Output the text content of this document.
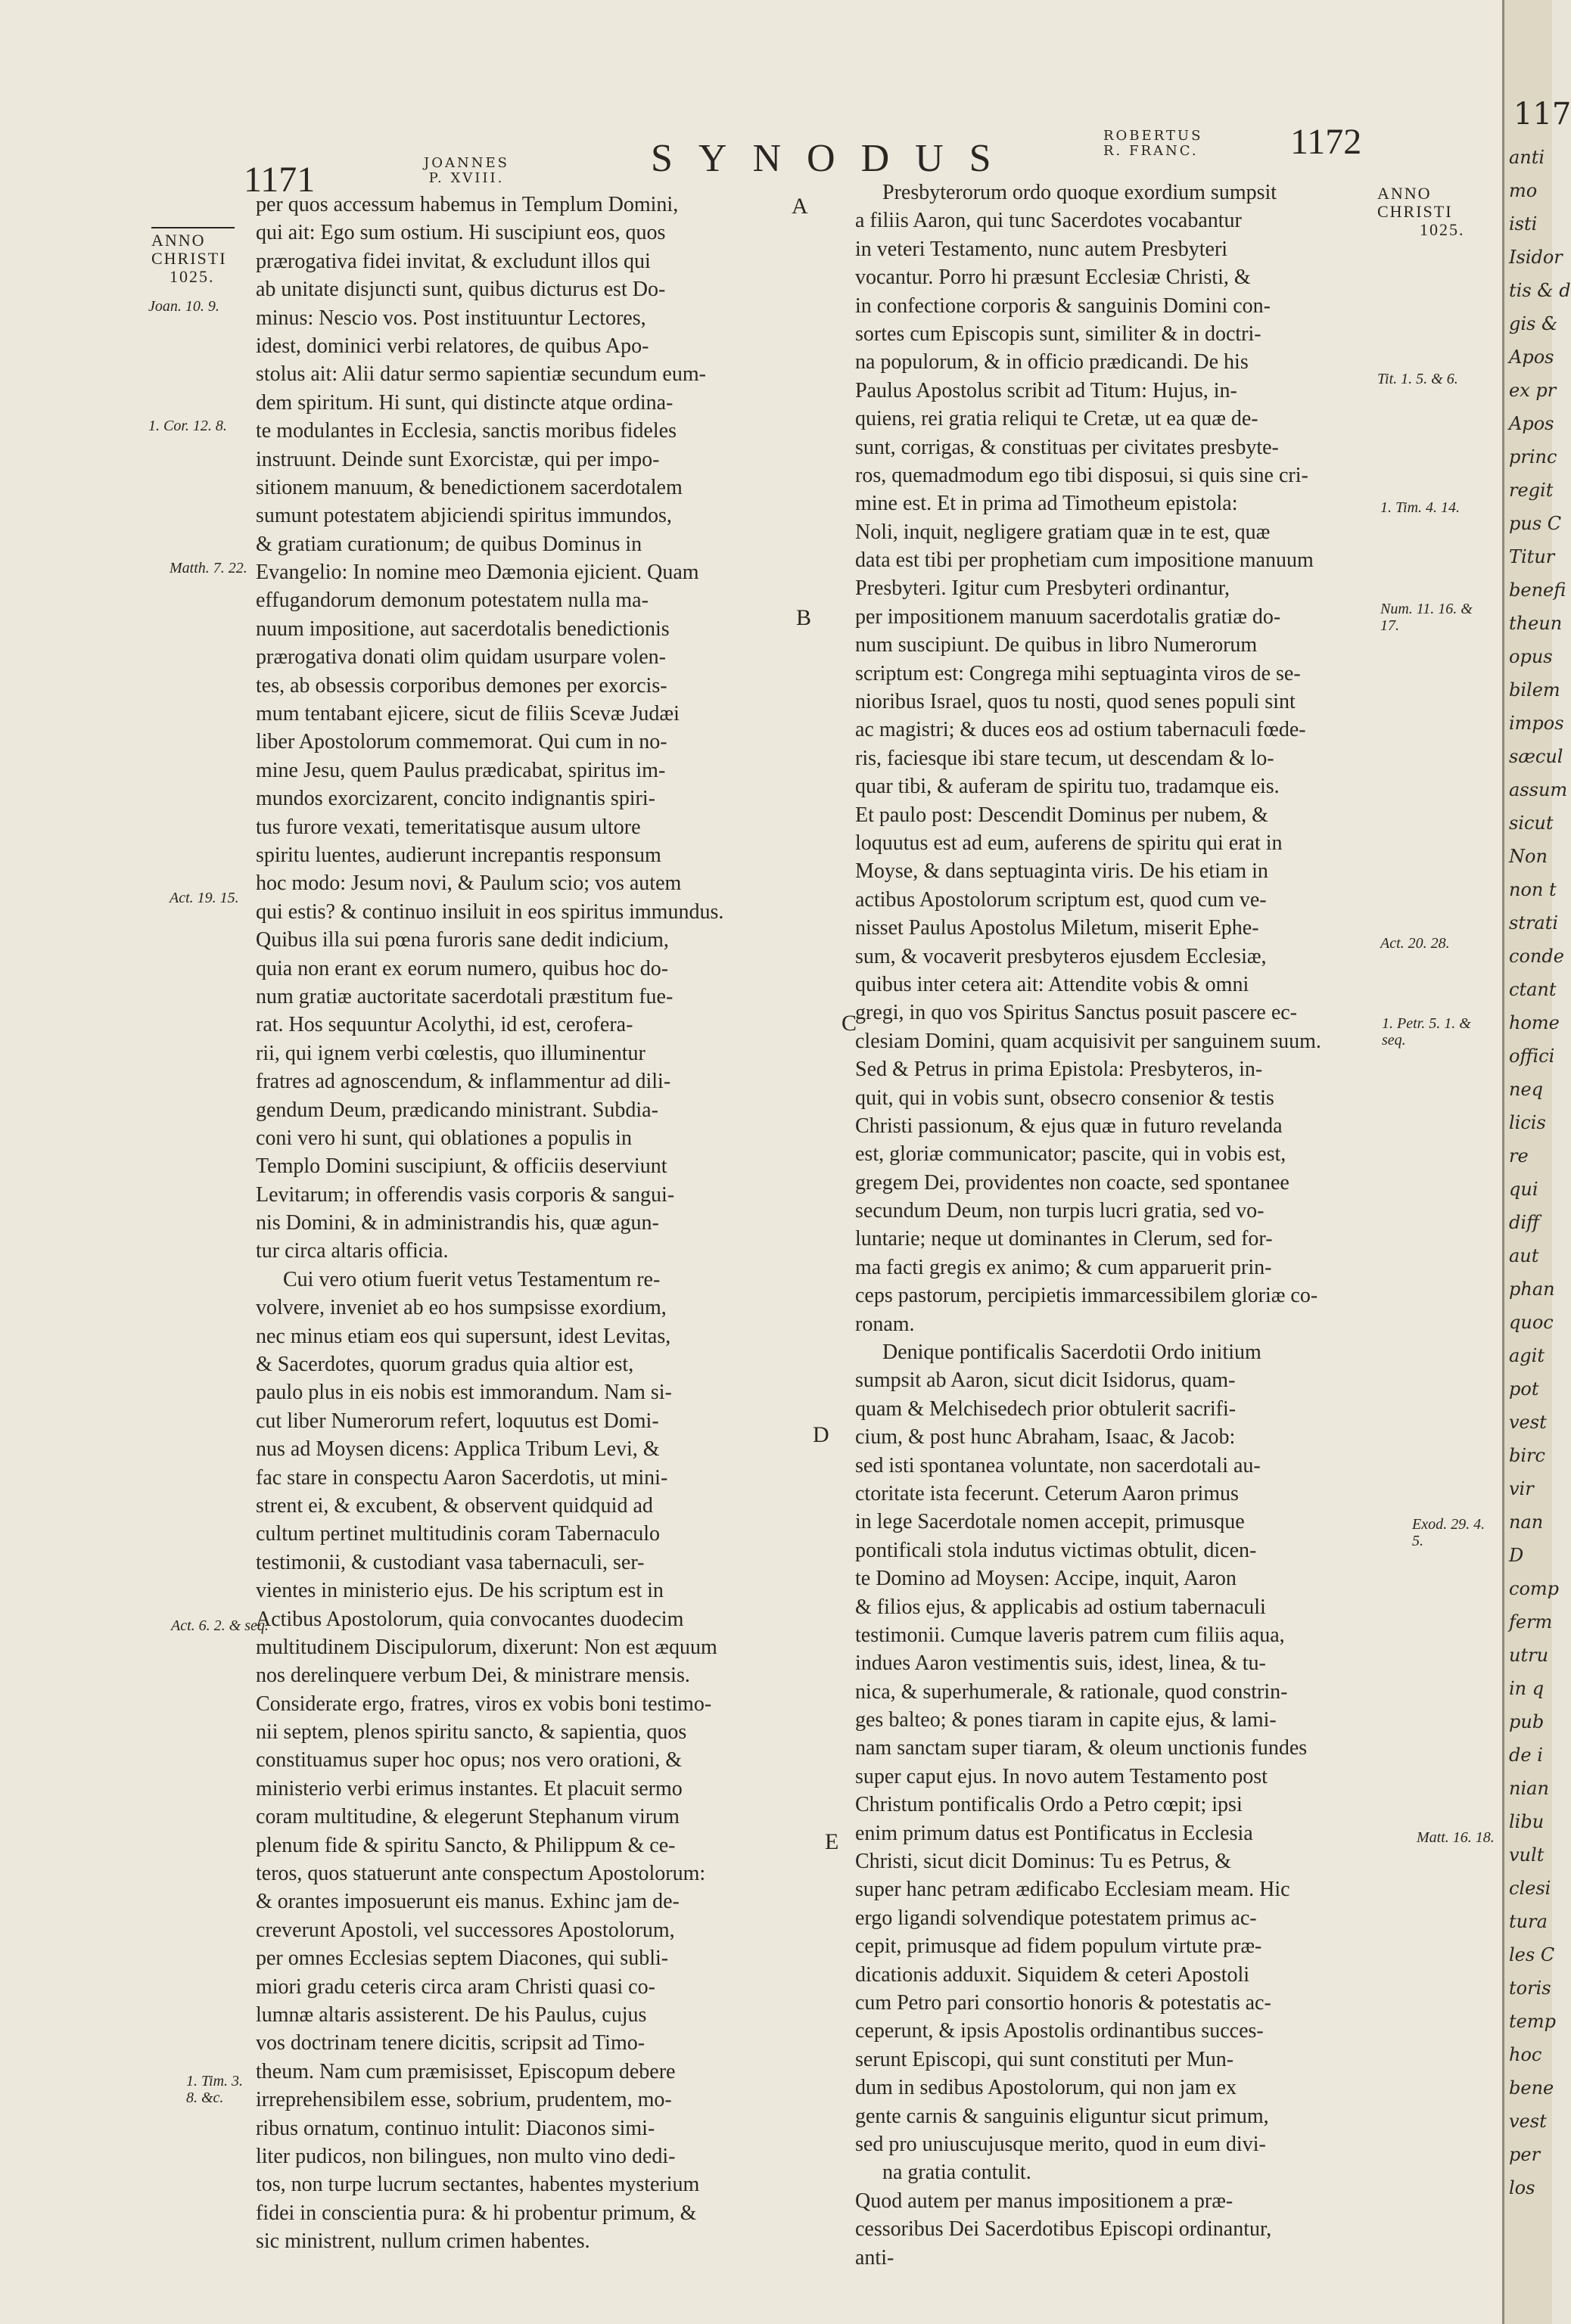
1171	JOANNES
P. XVIII.	SYNODUS
ROBERTUS
R. FRANC.	1172
ANNO
CHRISTI
1025.
ANNO
CHRISTI
1025.
Joan. 10. 9.
1. Cor. 12. 8.
Matth. 7. 22.
Act. 19. 15.
Act. 6. 2. & seq.
1. Tim. 3. 8. &c.
Tit. 1. 5. & 6.
1. Tim. 4. 14.
Num. 11. 16. & 17.
Act. 20. 28.
1. Petr. 5. 1. & seq.
Exod. 29. 4. 5.
Matt. 16. 18.
A
B
C
D
E
per quos accessum habemus in Templum Domini,
qui ait: Ego sum ostium. Hi suscipiunt eos, quos
prærogativa fidei invitat, & excludunt illos qui
ab unitate disjuncti sunt, quibus dicturus est Do-
minus: Nescio vos. Post instituuntur Lectores,
idest, dominici verbi relatores, de quibus Apo-
stolus ait: Alii datur sermo sapientiæ secundum eum-
dem spiritum. Hi sunt, qui distincte atque ordina-
te modulantes in Ecclesia, sanctis moribus fideles
instruunt. Deinde sunt Exorcistæ, qui per impo-
sitionem manuum, & benedictionem sacerdotalem
sumunt potestatem abjiciendi spiritus immundos,
& gratiam curationum; de quibus Dominus in
Evangelio: In nomine meo Dæmonia ejicient. Quam
effugandorum demonum potestatem nulla ma-
nuum impositione, aut sacerdotalis benedictionis
prærogativa donati olim quidam usurpare volen-
tes, ab obsessis corporibus demones per exorcis-
mum tentabant ejicere, sicut de filiis Scevæ Judæi
liber Apostolorum commemorat. Qui cum in no-
mine Jesu, quem Paulus prædicabat, spiritus im-
mundos exorcizarent, concito indignantis spiri-
tus furore vexati, temeritatisque ausum ultore
spiritu luentes, audierunt increpantis responsum
hoc modo: Jesum novi, & Paulum scio; vos autem
qui estis? & continuo insiluit in eos spiritus immundus.
Quibus illa sui pœna furoris sane dedit indicium,
quia non erant ex eorum numero, quibus hoc do-
num gratiæ auctoritate sacerdotali præstitum fue-
rat. Hos sequuntur Acolythi, id est, ceroferа-
rii, qui ignem verbi cœlestis, quo illuminentur
fratres ad agnoscendum, & inflammentur ad dili-
gendum Deum, prædicando ministrant. Subdia-
coni vero hi sunt, qui oblationes a populis in
Templo Domini suscipiunt, & officiis deserviunt
Levitarum; in offerendis vasis corporis & sangui-
nis Domini, & in administrandis his, quæ agun-
tur circa altaris officia.
Cui vero otium fuerit vetus Testamentum re-
volvere, inveniet ab eo hos sumpsisse exordium,
nec minus etiam eos qui supersunt, idest Levitas,
& Sacerdotes, quorum gradus quia altior est,
paulo plus in eis nobis est immorandum. Nam si-
cut liber Numerorum refert, loquutus est Domi-
nus ad Moysen dicens: Applica Tribum Levi, &
fac stare in conspectu Aaron Sacerdotis, ut mini-
strent ei, & excubent, & observent quidquid ad
cultum pertinet multitudinis coram Tabernaculo
testimonii, & custodiant vasa tabernaculi, ser-
vientes in ministerio ejus. De his scriptum est in
Actibus Apostolorum, quia convocantes duodecim
multitudinem Discipulorum, dixerunt: Non est æquum
nos derelinquere verbum Dei, & ministrare mensis.
Considerate ergo, fratres, viros ex vobis boni testimo-
nii septem, plenos spiritu sancto, & sapientia, quos
constituamus super hoc opus; nos vero orationi, &
ministerio verbi erimus instantes. Et placuit sermo
coram multitudine, & elegerunt Stephanum virum
plenum fide & spiritu Sancto, & Philippum & ce-
teros, quos statuerunt ante conspectum Apostolorum:
& orantes imposuerunt eis manus. Exhinc jam de-
creverunt Apostoli, vel successores Apostolorum,
per omnes Ecclesias septem Diacones, qui subli-
miori gradu ceteris circa aram Christi quasi co-
lumnæ altaris assisterent. De his Paulus, cujus
vos doctrinam tenere dicitis, scripsit ad Timo-
theum. Nam cum præmisisset, Episcopum debere
irreprehensibilem esse, sobrium, prudentem, mo-
ribus ornatum, continuo intulit: Diaconos simi-
liter pudicos, non bilingues, non multo vino dedi-
tos, non turpe lucrum sectantes, habentes mysterium
fidei in conscientia pura: & hi probentur primum, &
sic ministrent, nullum crimen habentes.
Presbyterorum ordo quoque exordium sumpsit
a filiis Aaron, qui tunc Sacerdotes vocabantur
in veteri Testamento, nunc autem Presbyteri
vocantur. Porro hi præsunt Ecclesiæ Christi, &
in confectione corporis & sanguinis Domini con-
sortes cum Episcopis sunt, similiter & in doctri-
na populorum, & in officio prædicandi. De his
Paulus Apostolus scribit ad Titum: Hujus, in-
quiens, rei gratia reliqui te Cretæ, ut ea quæ de-
sunt, corrigas, & constituas per civitates presbyte-
ros, quemadmodum ego tibi disposui, si quis sine cri-
mine est. Et in prima ad Timotheum epistola:
Noli, inquit, negligere gratiam quæ in te est, quæ
data est tibi per prophetiam cum impositione manuum
Presbyteri. Igitur cum Presbyteri ordinantur,
per impositionem manuum sacerdotalis gratiæ do-
num suscipiunt. De quibus in libro Numerorum
scriptum est: Congrega mihi septuaginta viros de se-
nioribus Israel, quos tu nosti, quod senes populi sint
ac magistri; & duces eos ad ostium tabernaculi fœde-
ris, faciesque ibi stare tecum, ut descendam & lo-
quar tibi, & auferam de spiritu tuo, tradamque eis.
Et paulo post: Descendit Dominus per nubem, &
loquutus est ad eum, auferens de spiritu qui erat in
Moyse, & dans septuaginta viris. De his etiam in
actibus Apostolorum scriptum est, quod cum ve-
nisset Paulus Apostolus Miletum, miserit Ephe-
sum, & vocaverit presbyteros ejusdem Ecclesiæ,
quibus inter cetera ait: Attendite vobis & omni
gregi, in quo vos Spiritus Sanctus posuit pascere ec-
clesiam Domini, quam acquisivit per sanguinem suum.
Sed & Petrus in prima Epistola: Presbyteros, in-
quit, qui in vobis sunt, obsecro consenior & testis
Christi passionum, & ejus quæ in futuro revelanda
est, gloriæ communicator; pascite, qui in vobis est,
gregem Dei, providentes non coacte, sed spontanee
secundum Deum, non turpis lucri gratia, sed vo-
luntarie; neque ut dominantes in Clerum, sed for-
ma facti gregis ex animo; & cum apparuerit prin-
ceps pastorum, percipietis immarcessibilem gloriæ co-
ronam.
Denique pontificalis Sacerdotii Ordo initium
sumpsit ab Aaron, sicut dicit Isidorus, quam-
quam & Melchisedech prior obtulerit sacrifi-
cium, & post hunc Abraham, Isaac, & Jacob:
sed isti spontanea voluntate, non sacerdotali au-
ctoritate ista fecerunt. Ceterum Aaron primus
in lege Sacerdotale nomen accepit, primusque
pontificali stola indutus victimas obtulit, dicen-
te Domino ad Moysen: Accipe, inquit, Aaron
& filios ejus, & applicabis ad ostium tabernaculi
testimonii. Cumque laveris patrem cum filiis aqua,
indues Aaron vestimentis suis, idest, linea, & tu-
nica, & superhumerale, & rationale, quod constrin-
ges balteo; & pones tiaram in capite ejus, & lami-
nam sanctam super tiaram, & oleum unctionis fundes
super caput ejus. In novo autem Testamento post
Christum pontificalis Ordo a Petro cœpit; ipsi
enim primum datus est Pontificatus in Ecclesia
Christi, sicut dicit Dominus: Tu es Petrus, &
super hanc petram ædificabo Ecclesiam meam. Hic
ergo ligandi solvendique potestatem primus ac-
cepit, primusque ad fidem populum virtute præ-
dicationis adduxit. Siquidem & ceteri Apostoli
cum Petro pari consortio honoris & potestatis ac-
ceperunt, & ipsis Apostolis ordinantibus succes-
serunt Episcopi, qui sunt constituti per Mun-
dum in sedibus Apostolorum, qui non jam ex
gente carnis & sanguinis eliguntur sicut primum,
sed pro uniuscujusque merito, quod in eum divi-
na gratia contulit.
Quod autem per manus impositionem a præ-
cessoribus Dei Sacerdotibus Episcopi ordinantur,
anti-
117
anti
mo
isti
Isidor
tis & d
gis &
Apos
ex pr
Apos
princ
regit
pus C
Titur
benefi
theun
opus
bilem
impos
sæcul
assum
sicut
Non
non t
strati
conde
ctant
home
offici
neq
licis
re
qui
diff
aut
phan
quoc
agit
pot
vest
birc
vir
nan
D
comp
ferm
utru
in q
pub
de i
nian
libu
vult
clesi
tura
les C
toris
temp
hoc
bene
vest
per
los
